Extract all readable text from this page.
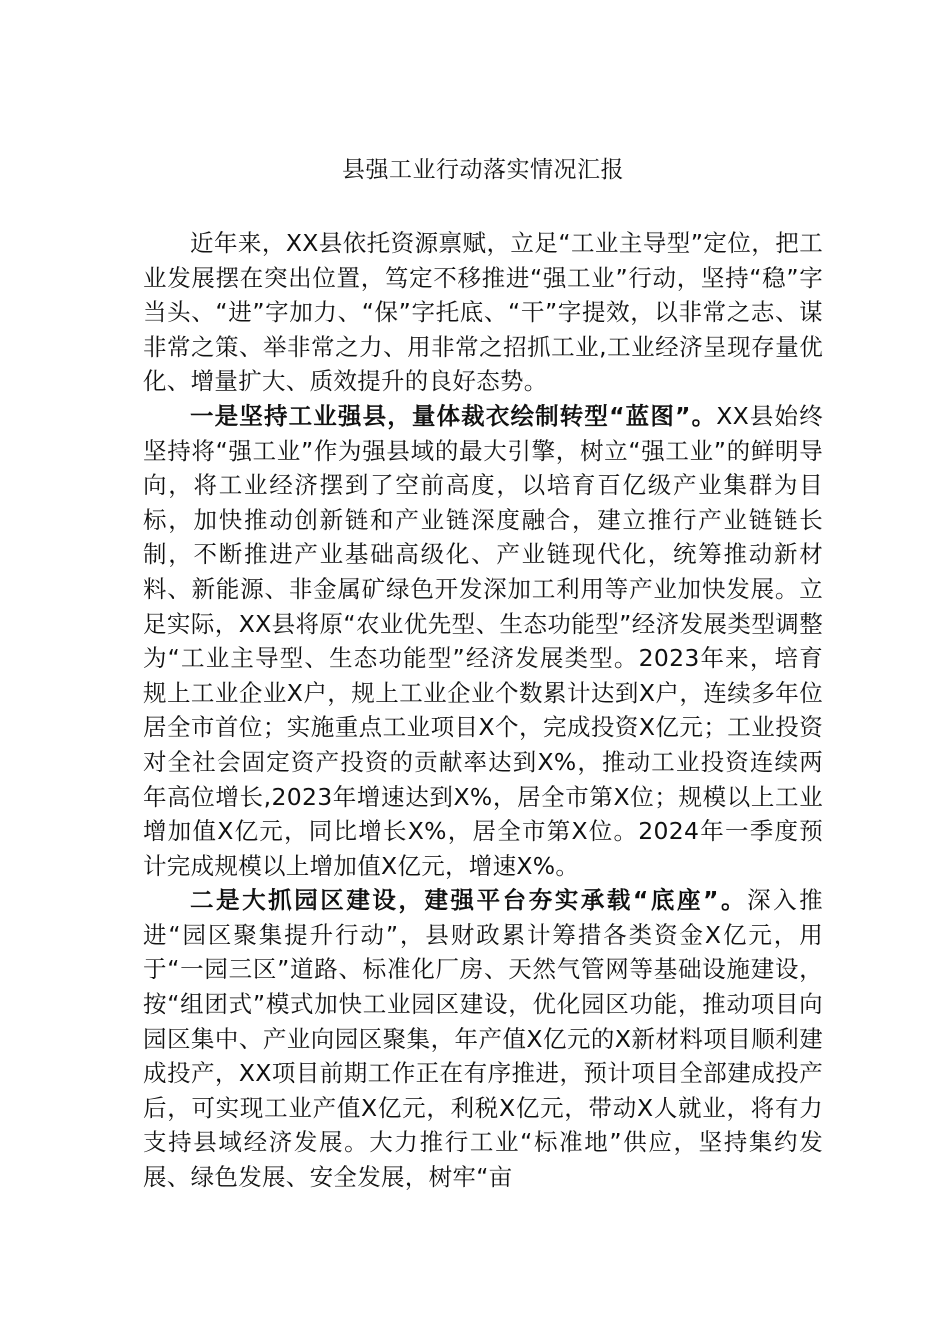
县强工业行动落实情况汇报

近年来，XX县依托资源禀赋，立足“工业主导型”定位，把工业发展摆在突出位置，笃定不移推进“强工业”行动，坚持“稳”字当头、“进”字加力、“保”字托底、“干”字提效，以非常之志、谋非常之策、举非常之力、用非常之招抓工业,工业经济呈现存量优化、增量扩大、质效提升的良好态势。

一是坚持工业强县，量体裁衣绘制转型“蓝图”。XX县始终坚持将“强工业”作为强县域的最大引擎，树立“强工业”的鲜明导向，将工业经济摆到了空前高度，以培育百亿级产业集群为目标，加快推动创新链和产业链深度融合，建立推行产业链链长制，不断推进产业基础高级化、产业链现代化，统筹推动新材料、新能源、非金属矿绿色开发深加工利用等产业加快发展。立足实际，XX县将原“农业优先型、生态功能型”经济发展类型调整为“工业主导型、生态功能型”经济发展类型。2023年来，培育规上工业企业X户，规上工业企业个数累计达到X户，连续多年位居全市首位；实施重点工业项目X个，完成投资X亿元；工业投资对全社会固定资产投资的贡献率达到X%，推动工业投资连续两年高位增长,2023年增速达到X%，居全市第X位；规模以上工业增加值X亿元，同比增长X%，居全市第X位。2024年一季度预计完成规模以上增加值X亿元，增速X%。

二是大抓园区建设，建强平台夯实承载“底座”。深入推进“园区聚集提升行动”，县财政累计筹措各类资金X亿元，用于“一园三区”道路、标准化厂房、天然气管网等基础设施建设，按“组团式”模式加快工业园区建设，优化园区功能，推动项目向园区集中、产业向园区聚集，年产值X亿元的X新材料项目顺利建成投产，XX项目前期工作正在有序推进，预计项目全部建成投产后，可实现工业产值X亿元，利税X亿元，带动X人就业，将有力支持县域经济发展。大力推行工业“标准地”供应，坚持集约发展、绿色发展、安全发展，树牢“亩
